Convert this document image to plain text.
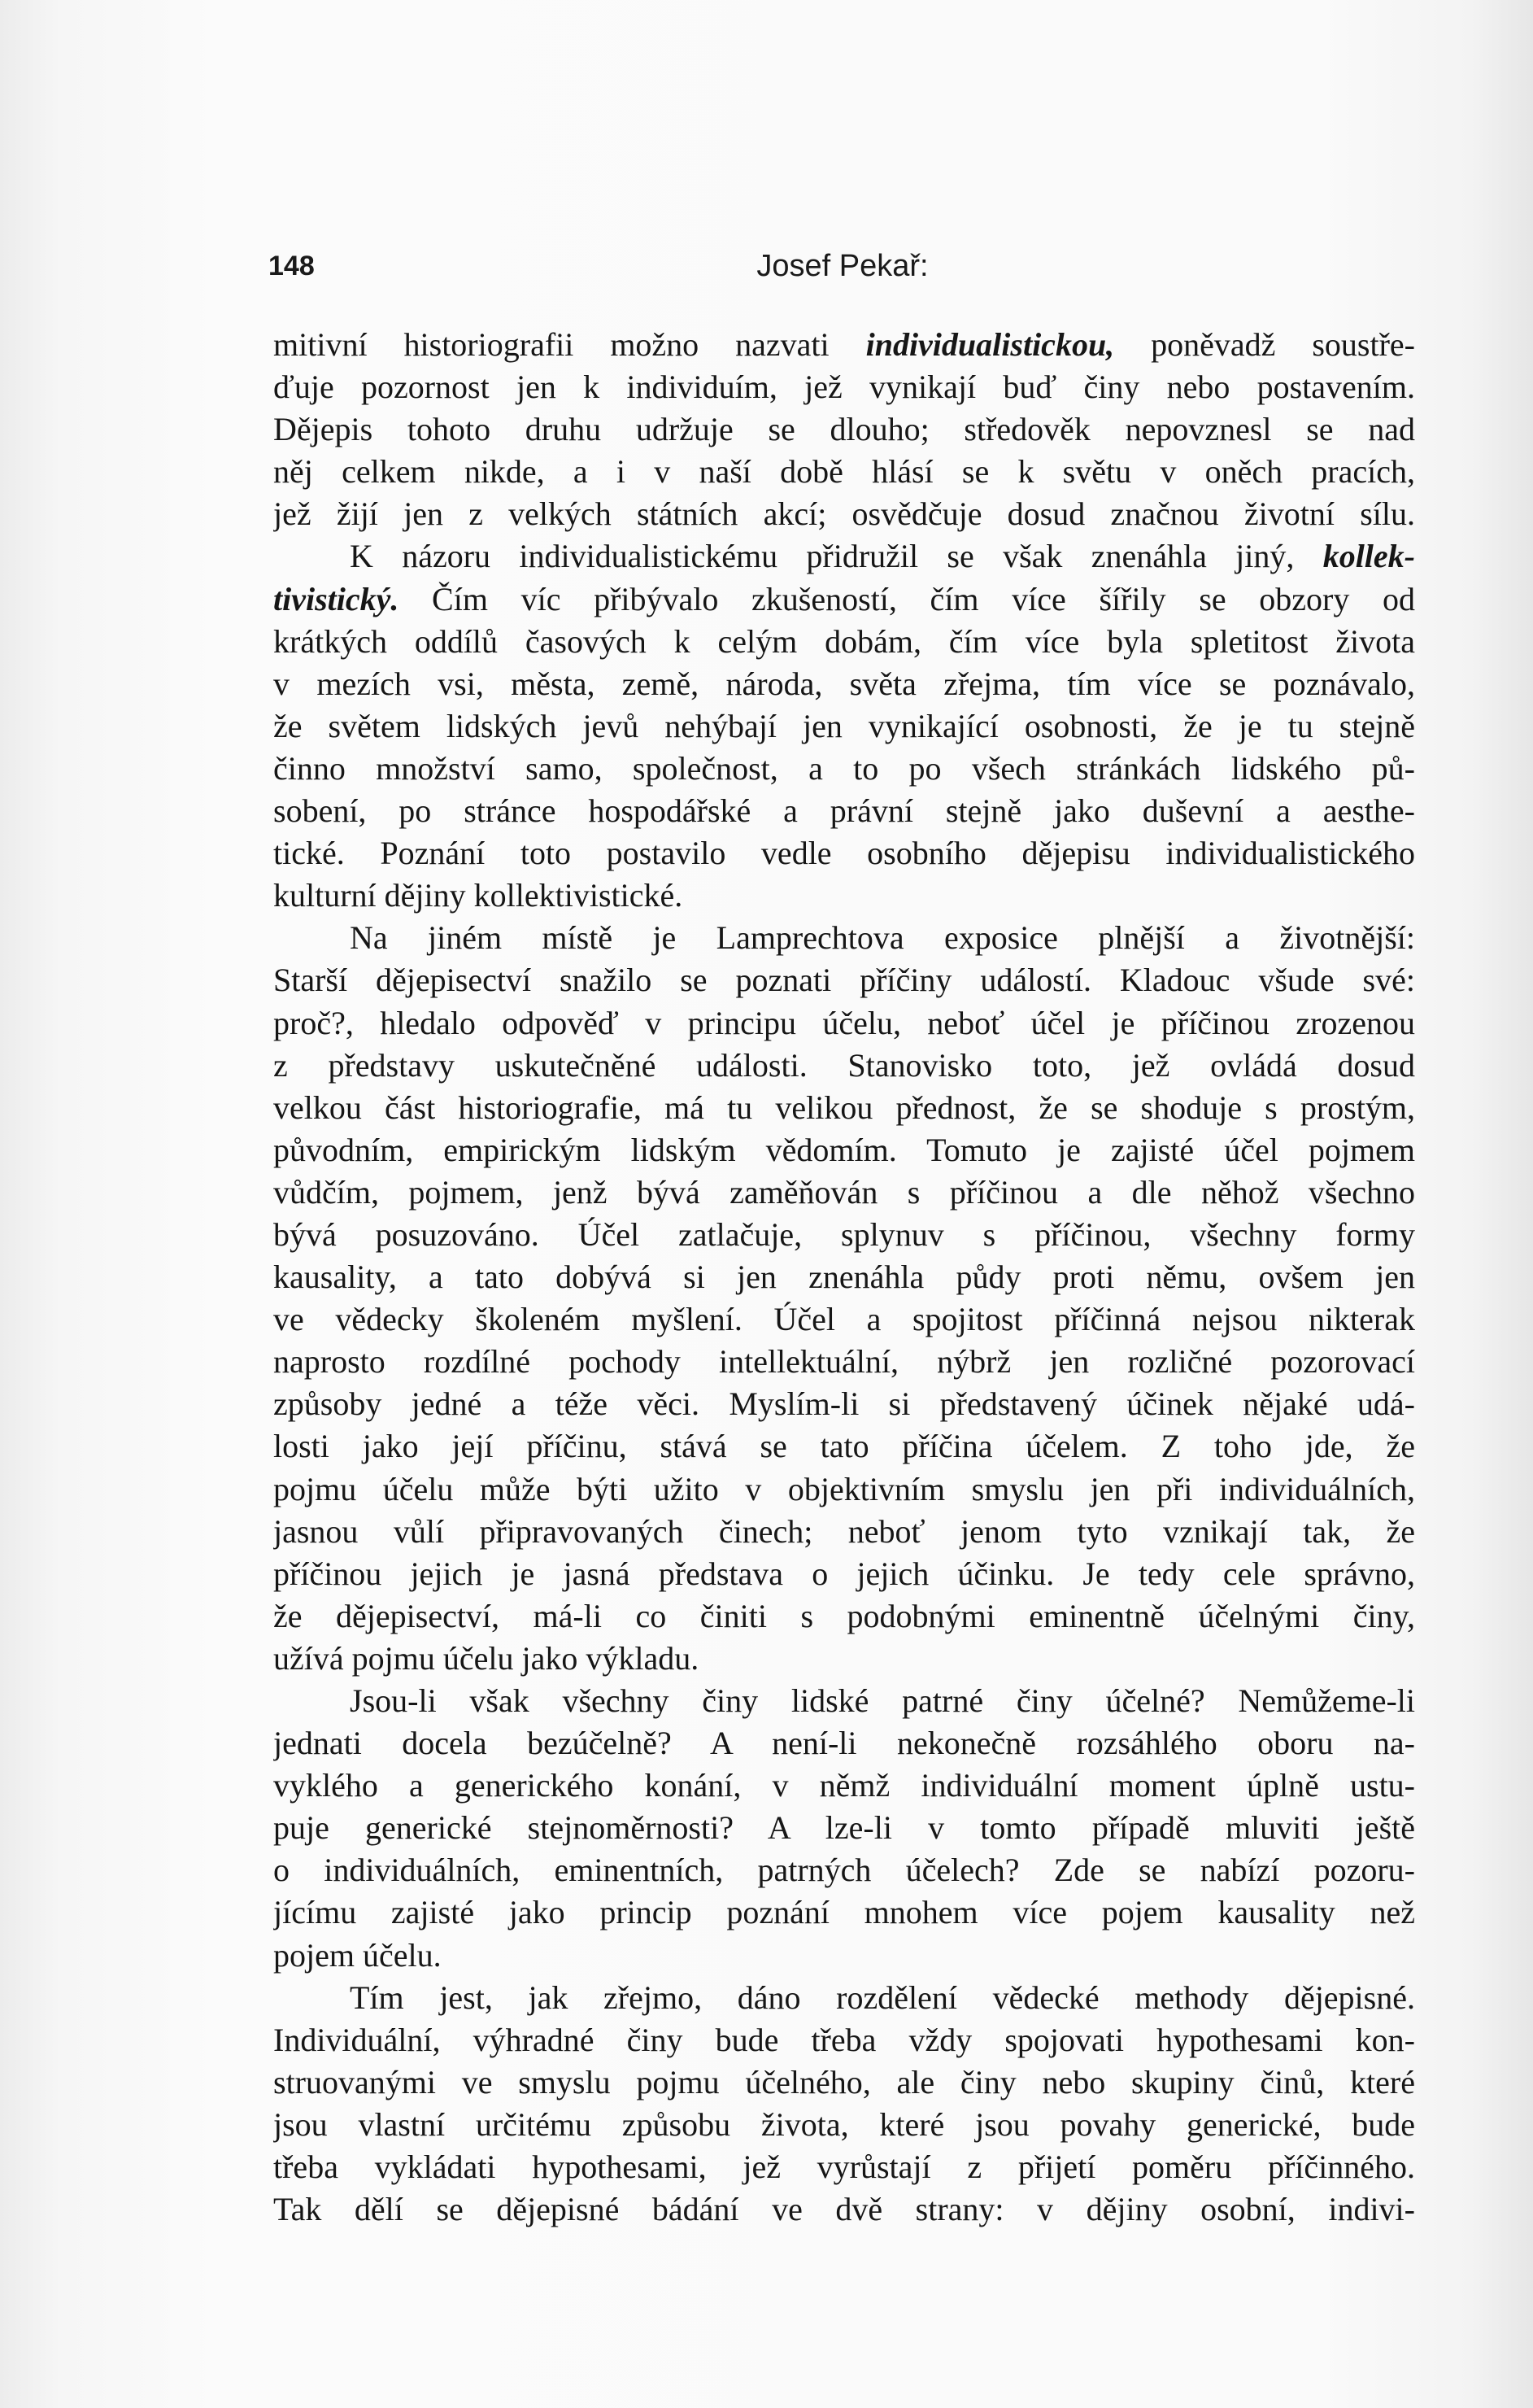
148	Josef Pekař:
mitivní historiografii možno nazvati individualistickou, poněvadž soustře-
ďuje pozornost jen k individuím, jež vynikají buď činy nebo postavením.
Dějepis tohoto druhu udržuje se dlouho; středověk nepovznesl se nad
něj celkem nikde, a i v naší době hlásí se k světu v oněch pracích,
jež žijí jen z velkých státních akcí; osvědčuje dosud značnou životní sílu.
K názoru individualistickému přidružil se však znenáhla jiný, kollek-
tivistický. Čím víc přibývalo zkušeností, čím více šířily se obzory od
krátkých oddílů časových k celým dobám, čím více byla spletitost života
v mezích vsi, města, země, národa, světa zřejma, tím více se poznávalo,
že světem lidských jevů nehýbají jen vynikající osobnosti, že je tu stejně
činno množství samo, společnost, a to po všech stránkách lidského pů-
sobení, po stránce hospodářské a právní stejně jako duševní a aesthe-
tické. Poznání toto postavilo vedle osobního dějepisu individualistického
kulturní dějiny kollektivistické.
Na jiném místě je Lamprechtova exposice plnější a životnější:
Starší dějepisectví snažilo se poznati příčiny událostí. Kladouc všude své:
proč?, hledalo odpověď v principu účelu, neboť účel je příčinou zrozenou
z představy uskutečněné události. Stanovisko toto, jež ovládá dosud
velkou část historiografie, má tu velikou přednost, že se shoduje s prostým,
původním, empirickým lidským vědomím. Tomuto je zajisté účel pojmem
vůdčím, pojmem, jenž bývá zaměňován s příčinou a dle něhož všechno
bývá posuzováno. Účel zatlačuje, splynuv s příčinou, všechny formy
kausality, a tato dobývá si jen znenáhla půdy proti němu, ovšem jen
ve vědecky školeném myšlení. Účel a spojitost příčinná nejsou nikterak
naprosto rozdílné pochody intellektuální, nýbrž jen rozličné pozorovací
způsoby jedné a téže věci. Myslím-li si představený účinek nějaké udá-
losti jako její příčinu, stává se tato příčina účelem. Z toho jde, že
pojmu účelu může býti užito v objektivním smyslu jen při individuálních,
jasnou vůlí připravovaných činech; neboť jenom tyto vznikají tak, že
příčinou jejich je jasná představa o jejich účinku. Je tedy cele správno,
že dějepisectví, má-li co činiti s podobnými eminentně účelnými činy,
užívá pojmu účelu jako výkladu.
Jsou-li však všechny činy lidské patrné činy účelné? Nemůžeme-li
jednati docela bezúčelně? A není-li nekonečně rozsáhlého oboru na-
vyklého a generického konání, v němž individuální moment úplně ustu-
puje generické stejnoměrnosti? A lze-li v tomto případě mluviti ještě
o individuálních, eminentních, patrných účelech? Zde se nabízí pozoru-
jícímu zajisté jako princip poznání mnohem více pojem kausality než
pojem účelu.
Tím jest, jak zřejmo, dáno rozdělení vědecké methody dějepisné.
Individuální, výhradné činy bude třeba vždy spojovati hypothesami kon-
struovanými ve smyslu pojmu účelného, ale činy nebo skupiny činů, které
jsou vlastní určitému způsobu života, které jsou povahy generické, bude
třeba vykládati hypothesami, jež vyrůstají z přijetí poměru příčinného.
Tak dělí se dějepisné bádání ve dvě strany: v dějiny osobní, indivi-
